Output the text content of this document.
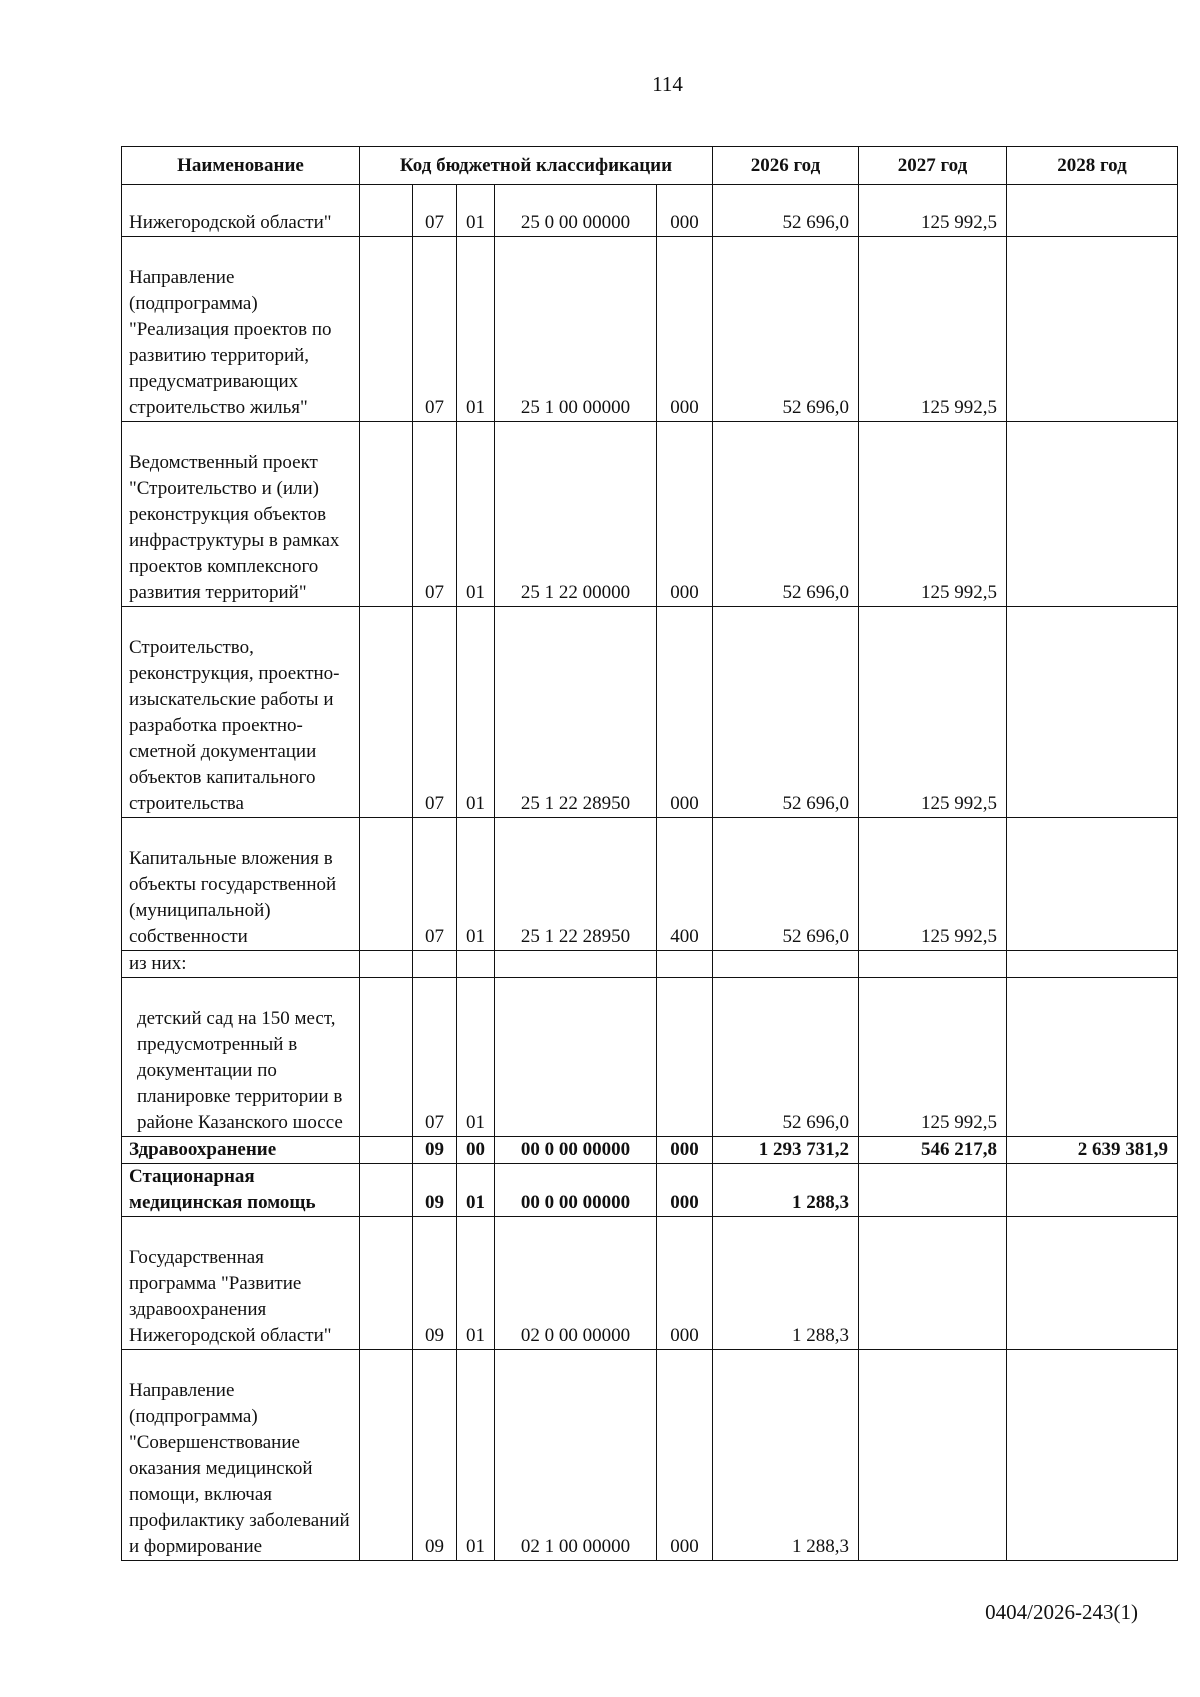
114
Наименование	Код бюджетной классификации					2026 год	2027 год	2028 год
Нижегородской области"		07	01	25 0 00 00000	000	52 696,0	125 992,5	
Направление (подпрограмма) "Реализация проектов по развитию территорий, предусматривающих строительство жилья"		07	01	25 1 00 00000	000	52 696,0	125 992,5	
Ведомственный проект "Строительство и (или) реконструкция объектов инфраструктуры в рамках проектов комплексного развития территорий"		07	01	25 1 22 00000	000	52 696,0	125 992,5	
Строительство, реконструкция, проектно-изыскательские работы и разработка проектно-сметной документации объектов капитального строительства		07	01	25 1 22 28950	000	52 696,0	125 992,5	
Капитальные вложения в объекты государственной (муниципальной) собственности		07	01	25 1 22 28950	400	52 696,0	125 992,5	
из них:								
детский сад на 150 мест, предусмотренный в документации по планировке территории в районе Казанского шоссе		07	01			52 696,0	125 992,5	
Здравоохранение		09	00	00 0 00 00000	000	1 293 731,2	546 217,8	2 639 381,9
Стационарная медицинская помощь		09	01	00 0 00 00000	000	1 288,3		
Государственная программа "Развитие здравоохранения Нижегородской области"		09	01	02 0 00 00000	000	1 288,3		
Направление (подпрограмма) "Совершенствование оказания медицинской помощи, включая профилактику заболеваний и формирование		09	01	02 1 00 00000	000	1 288,3		
0404/2026-243(1)
